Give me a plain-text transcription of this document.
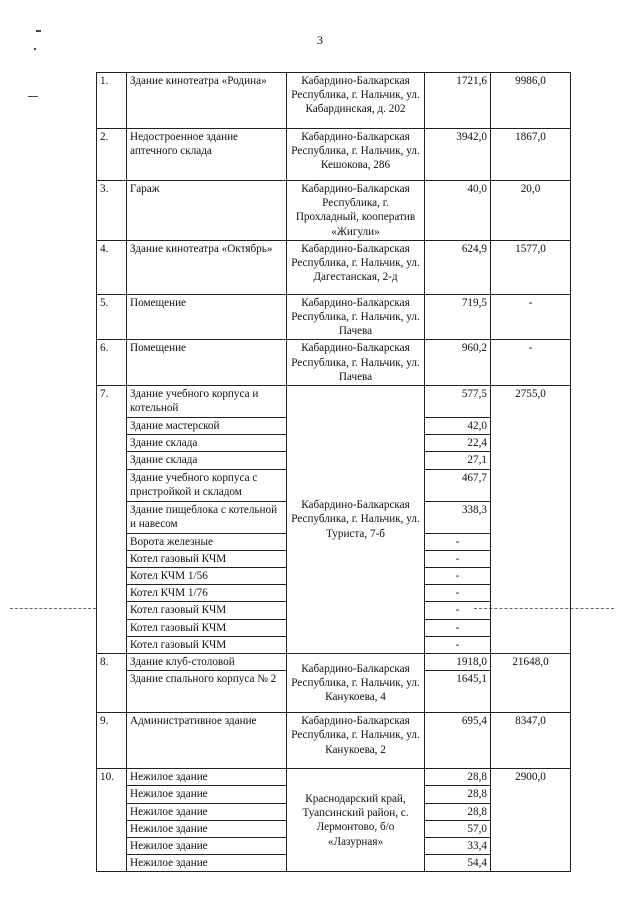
3
1.	Здание кинотеатра «Родина»	Кабардино-Балкарская Республика, г. Нальчик, ул. Кабардинская, д. 202	1721,6	9986,0
2.	Недостроенное здание аптечного склада	Кабардино-Балкарская Республика, г. Нальчик, ул. Кешокова, 286	3942,0	1867,0
3.	Гараж	Кабардино-Балкарская Республика, г. Прохладный, кооператив «Жигули»	40,0	20,0
4.	Здание кинотеатра «Октябрь»	Кабардино-Балкарская Республика, г. Нальчик, ул. Дагестанская, 2-д	624,9	1577,0
5.	Помещение	Кабардино-Балкарская Республика, г. Нальчик, ул. Пачева	719,5	-
6.	Помещение	Кабардино-Балкарская Республика, г. Нальчик, ул. Пачева	960,2	-
7.	Здание учебного корпуса и котельной	Кабардино-Балкарская Республика, г. Нальчик, ул. Туриста, 7-б	577,5	2755,0
	Здание мастерской		42,0	
	Здание склада		22,4	
	Здание склада		27,1	
	Здание учебного корпуса с пристройкой и складом		467,7	
	Здание пищеблока с котельной и навесом		338,3	
	Ворота железные		-	
	Котел газовый КЧМ		-	
	Котел КЧМ 1/56		-	
	Котел КЧМ 1/76		-	
	Котел газовый КЧМ		-	
	Котел газовый КЧМ		-	
	Котел газовый КЧМ		-	
8.	Здание клуб-столовой	Кабардино-Балкарская Республика, г. Нальчик, ул. Канукоева, 4	1918,0	21648,0
	Здание спального корпуса № 2		1645,1	
9.	Административное здание	Кабардино-Балкарская Республика, г. Нальчик, ул. Канукоева, 2	695,4	8347,0
10.	Нежилое здание	Краснодарский край, Туапсинский район, с. Лермонтово, б/о «Лазурная»	28,8	2900,0
	Нежилое здание		28,8	
	Нежилое здание		28,8	
	Нежилое здание		57,0	
	Нежилое здание		33,4	
	Нежилое здание		54,4	
